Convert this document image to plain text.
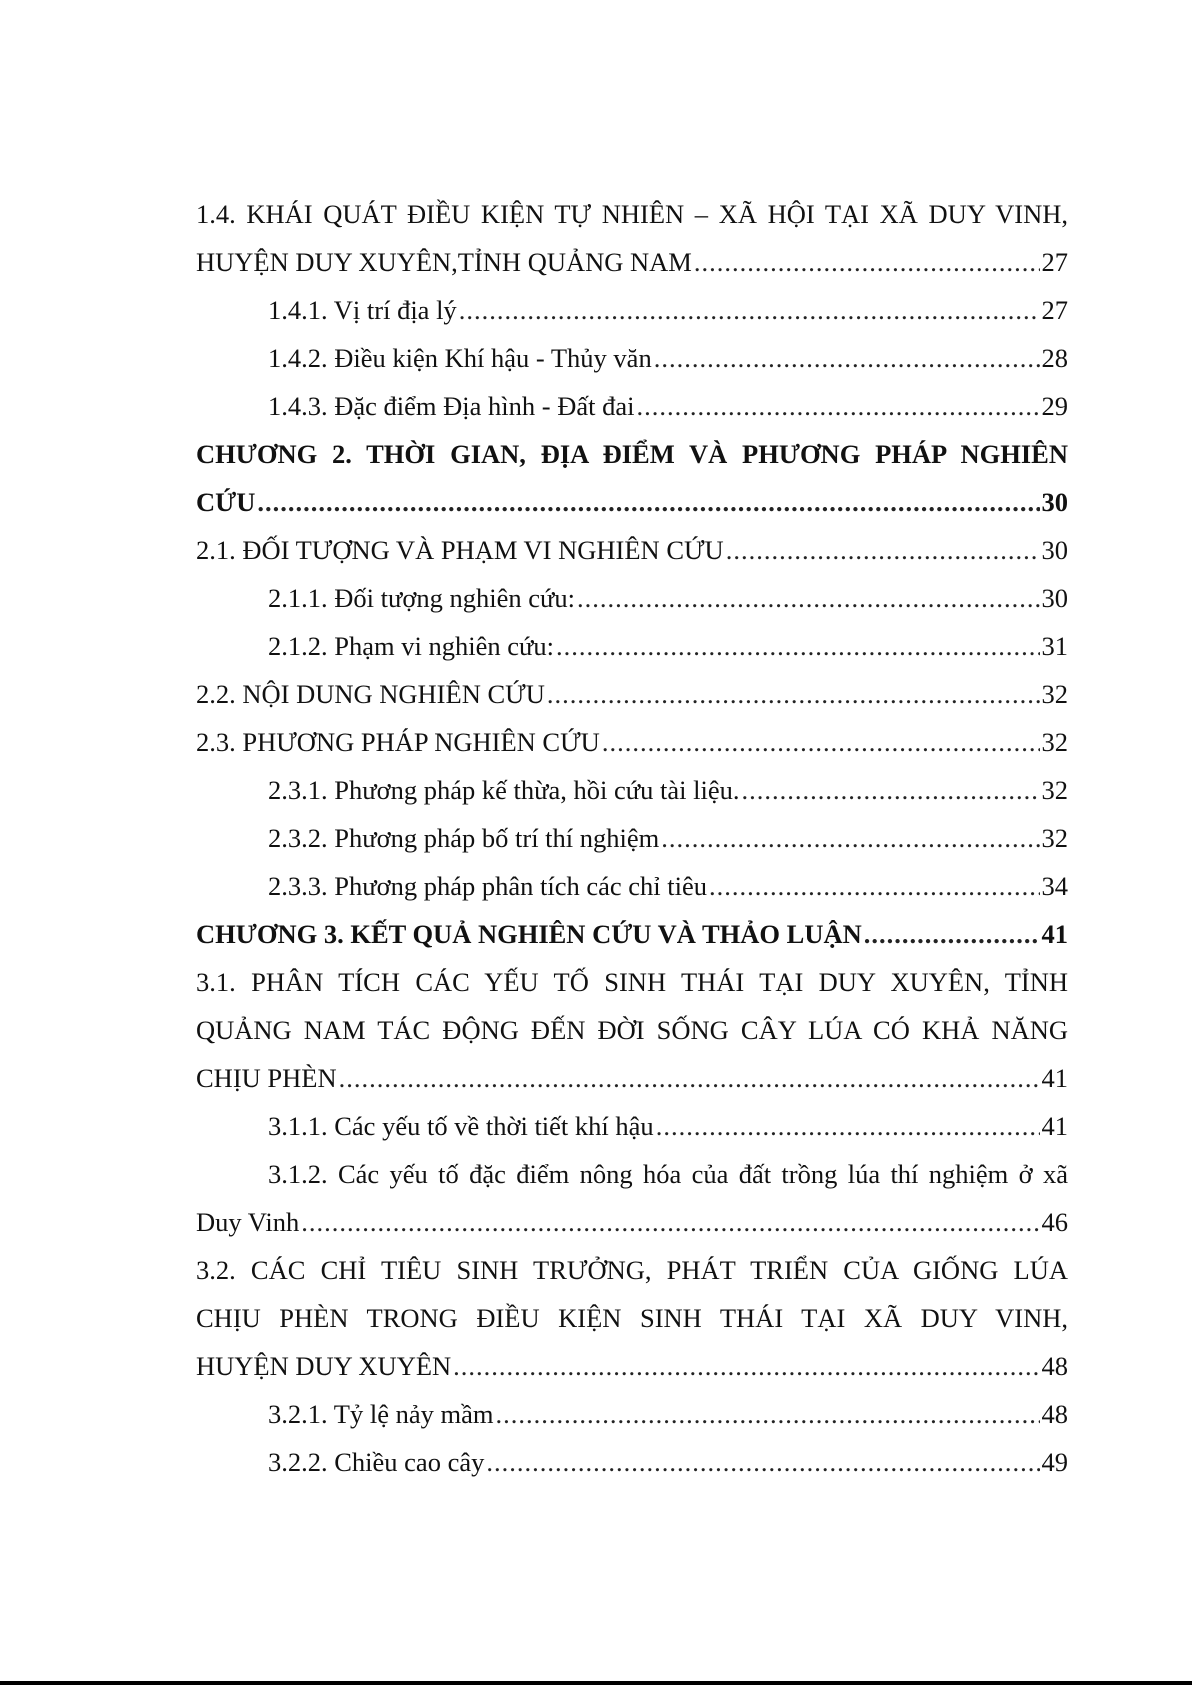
1.4. KHÁI QUÁT ĐIỀU KIỆN TỰ NHIÊN – XÃ HỘI TẠI XÃ DUY VINH,
HUYỆN DUY XUYÊN,TỈNH QUẢNG NAM .....	27
1.4.1. Vị trí địa lý .....	27
1.4.2. Điều kiện Khí hậu - Thủy văn .....	28
1.4.3. Đặc điểm Địa hình - Đất đai .....	29
CHƯƠNG 2. THỜI GIAN, ĐỊA ĐIỂM VÀ PHƯƠNG PHÁP NGHIÊN
CỨU .....	30
2.1. ĐỐI TƯỢNG VÀ PHẠM VI NGHIÊN CỨU .....	30
2.1.1. Đối tượng nghiên cứu: .....	30
2.1.2. Phạm vi nghiên cứu: .....	31
2.2. NỘI DUNG NGHIÊN CỨU .....	32
2.3. PHƯƠNG PHÁP NGHIÊN CỨU .....	32
2.3.1. Phương pháp kế thừa, hồi cứu tài liệu. .....	32
2.3.2. Phương pháp bố trí thí nghiệm .....	32
2.3.3. Phương pháp phân tích các chỉ tiêu .....	34
CHƯƠNG 3. KẾT QUẢ NGHIÊN CỨU VÀ THẢO LUẬN .....	41
3.1. PHÂN TÍCH CÁC YẾU TỐ SINH THÁI TẠI DUY XUYÊN, TỈNH
QUẢNG NAM TÁC ĐỘNG ĐẾN ĐỜI SỐNG CÂY LÚA CÓ KHẢ NĂNG
CHỊU PHÈN .....	41
3.1.1. Các yếu tố về thời tiết khí hậu .....	41
3.1.2. Các yếu tố đặc điểm nông hóa của đất trồng lúa thí nghiệm ở xã
Duy Vinh .....	46
3.2. CÁC CHỈ TIÊU SINH TRƯỞNG, PHÁT TRIỂN CỦA GIỐNG LÚA
CHỊU PHÈN TRONG ĐIỀU KIỆN SINH THÁI TẠI XÃ DUY VINH,
HUYỆN DUY XUYÊN .....	48
3.2.1. Tỷ lệ nảy mầm .....	48
3.2.2. Chiều cao cây .....	49
